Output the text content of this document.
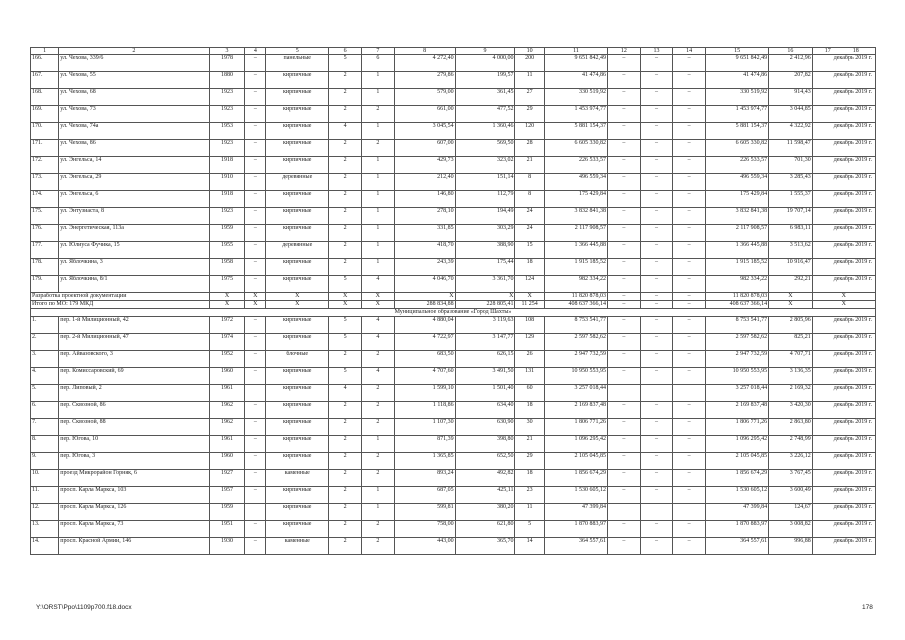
1	2	3	4	5	6	7	8	9	10	11	12	13	14	15	16	17 18
166.	ул. Чехова, 339/6	1978	–	панельные	5	6	4 272,40	4 000,00	200	9 651 842,49	–	–	–	9 651 842,49	2 412,96	декабрь 2019 г.
167.	ул. Чехова, 55	1880	–	кирпичные	2	1	279,86	199,57	11	41 474,86	–	–	–	41 474,86	207,82	декабрь 2019 г.
168.	ул. Чехова, 68	1923	–	кирпичные	2	1	579,00	361,45	27	330 519,92	–	–	–	330 519,92	914,43	декабрь 2019 г.
169.	ул. Чехова, 73	1923	–	кирпичные	2	2	661,00	477,52	29	1 453 974,77	–	–	–	1 453 974,77	3 044,85	декабрь 2019 г.
170.	ул. Чехова, 74а	1953	–	кирпичные	4	1	3 045,54	1 360,46	120	5 881 154,37	–	–	–	5 881 154,37	4 322,92	декабрь 2019 г.
171.	ул. Чехова, 86	1923	–	кирпичные	2	2	607,00	569,50	28	6 605 330,82	–	–	–	6 605 330,82	11 598,47	декабрь 2019 г.
172.	ул. Энгельса, 14	1918	–	кирпичные	2	1	429,73	323,02	21	226 533,57	–	–	–	226 533,57	701,30	декабрь 2019 г.
173.	ул. Энгельса, 29	1910	–	деревянные	2	1	212,40	151,14	8	496 559,34	–	–	–	496 559,34	3 285,43	декабрь 2019 г.
174.	ул. Энгельса, 6	1918	–	кирпичные	2	1	146,80	112,79	8	175 429,84	–	–	–	175 429,84	1 555,37	декабрь 2019 г.
175.	ул. Энтузиаста, 8	1923	–	кирпичные	2	1	278,10	194,49	24	3 832 841,38	–	–	–	3 832 841,38	19 707,14	декабрь 2019 г.
176.	ул. Энергетическая, 113а	1959	–	кирпичные	2	1	331,85	303,29	24	2 117 908,57	–	–	–	2 117 908,57	6 983,11	декабрь 2019 г.
177.	ул. Юлиуса Фучика, 15	1955	–	деревянные	2	1	418,70	388,90	15	1 366 445,88	–	–	–	1 366 445,88	3 513,62	декабрь 2019 г.
178.	ул. Яблочкина, 3	1958	–	кирпичные	2	1	243,39	175,44	18	1 915 185,52	–	–	–	1 915 185,52	10 916,47	декабрь 2019 г.
179.	ул. Яблочкина, 8/1	1975	–	кирпичные	5	4	4 046,70	3 361,70	124	982 334,22	–	–	–	982 334,22	292,21	декабрь 2019 г.
Разработка проектной документации		X	X	X	X	X	X	X	X	11 820 878,03	–	–	–	11 820 878,03	X	X
Итого по МО: 179 МКД		X	X	X	X	X	288 834,88	228 805,41	11 254	408 637 366,14	–	–	–	408 637 366,14	X	X
Муниципальное образование «Город Шахты»																
1.	пер. 1-й Милиционный, 42	1972	–	кирпичные	5	4	4 880,04	3 119,63	108	8 753 541,77	–	–	–	8 753 541,77	2 805,96	декабрь 2019 г.
2.	пер. 2-й Милиционный, 47	1974	–	кирпичные	5	4	4 722,97	3 147,77	129	2 597 582,62	–	–	–	2 597 582,62	825,21	декабрь 2019 г.
3.	пер. Айвазовского, 3	1952	–	блочные	2	2	683,50	626,15	26	2 947 732,59	–	–	–	2 947 732,59	4 707,71	декабрь 2019 г.
4.	пер. Комиссаровский, 69	1960	–	кирпичные	5	4	4 707,60	3 491,50	131	10 950 553,95	–	–	–	10 950 553,95	3 136,35	декабрь 2019 г.
5.	пер. Липовый, 2	1961		кирпичные	4	2	1 599,10	1 501,40	60	3 257 018,44				3 257 018,44	2 169,32	декабрь 2019 г.
6.	пер. Сквозной, 86	1962	–	кирпичные	2	2	1 118,86	634,40	18	2 169 837,48	–	–	–	2 169 837,48	3 420,30	декабрь 2019 г.
7.	пер. Сквозной, 88	1962	–	кирпичные	2	2	1 107,30	630,90	30	1 806 771,26	–	–	–	1 806 771,26	2 863,80	декабрь 2019 г.
8.	пер. Югова, 10	1961	–	кирпичные	2	1	871,39	398,80	21	1 096 295,42	–	–	–	1 096 295,42	2 748,99	декабрь 2019 г.
9.	пер. Югова, 3	1960	–	кирпичные	2	2	1 365,85	652,50	29	2 105 045,85	–	–	–	2 105 045,85	3 226,12	декабрь 2019 г.
10.	проезд Микрорайон Горняк, 6	1927	–	каменные	2	2	893,24	492,82	18	1 856 674,29	–	–	–	1 856 674,29	3 767,45	декабрь 2019 г.
11.	просп. Карла Маркса, 103	1957	–	кирпичные	2	1	687,05	425,11	23	1 530 605,12	–	–	–	1 530 605,12	3 600,49	декабрь 2019 г.
12.	просп. Карла Маркса, 126	1959		кирпичные	2	1	599,81	380,20	11	47 399,84				47 399,84	124,67	декабрь 2019 г.
13.	просп. Карла Маркса, 73	1951	–	кирпичные	2	2	758,00	621,80	5	1 870 883,97	–	–	–	1 870 883,97	3 008,82	декабрь 2019 г.
14.	просп. Красной Армии, 146	1930	–	каменные	2	2	443,00	365,70	14	364 557,61	–	–	–	364 557,61	996,88	декабрь 2019 г.
Y:\ORST\Ppo\1109p700.f18.docx	178
